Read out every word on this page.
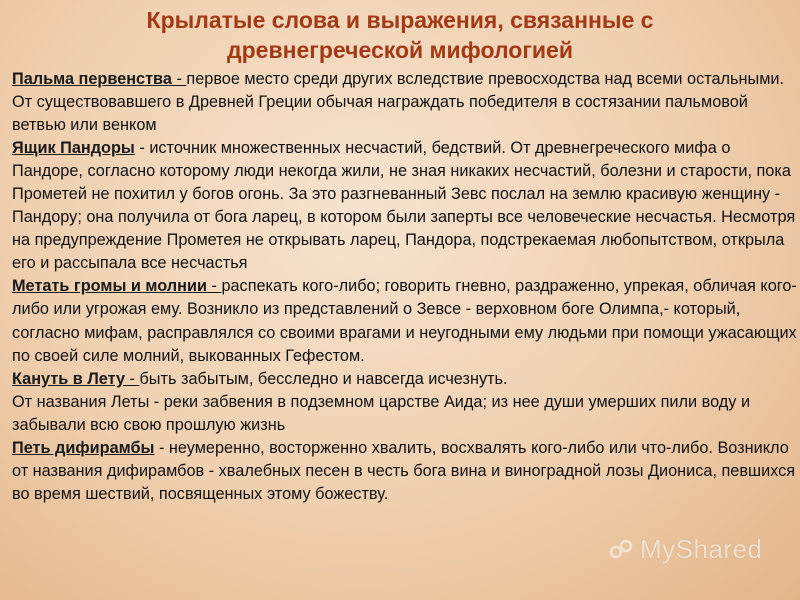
Крылатые слова и выражения, связанные с
древнегреческой мифологией
Пальма первенства - первое место среди других вследствие превосходства над всеми остальными. От существовавшего в Древней Греции обычая награждать победителя в состязании пальмовой ветвью или венком
Ящик Пандоры - источник множественных несчастий, бедствий. От древнегреческого мифа о Пандоре, согласно которому люди некогда жили, не зная никаких несчастий, болезни и старости, пока Прометей не похитил у богов огонь. За это разгневанный Зевс послал на землю красивую женщину - Пандору; она получила от бога ларец, в котором были заперты все человеческие несчастья. Несмотря на предупреждение Прометея не открывать ларец, Пандора, подстрекаемая любопытством, открыла его и рассыпала все несчастья
Метать громы и молнии - распекать кого-либо; говорить гневно, раздраженно, упрекая, обличая кого-либо или угрожая ему. Возникло из представлений о Зевсе - верховном боге Олимпа,- который, согласно мифам, расправлялся со своими врагами и неугодными ему людьми при помощи ужасающих по своей силе молний, выкованных Гефестом.
Кануть в Лету - быть забытым, бесследно и навсегда исчезнуть.
От названия Леты - реки забвения в подземном царстве Аида; из нее души умерших пили воду и забывали всю свою прошлую жизнь
Петь дифирамбы - неумеренно, восторженно хвалить, восхвалять кого-либо или что-либо. Возникло от названия дифирамбов - хвалебных песен в честь бога вина и виноградной лозы Диониса, певшихся во время шествий, посвященных этому божеству.
MyShared
